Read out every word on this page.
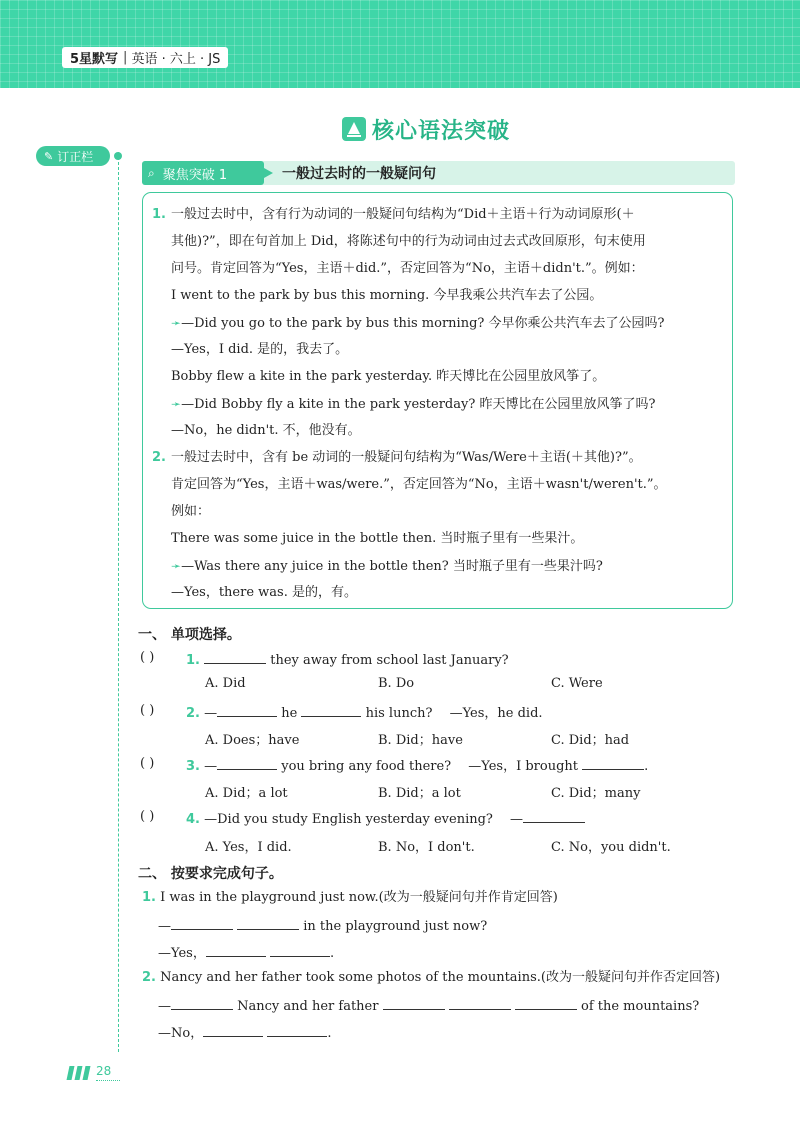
5星默写 | 英语 · 六上 · JS
核心语法突破
✎ 订正栏
⌕ 聚焦突破 1	一般过去时的一般疑问句
1. 一般过去时中，含有行为动词的一般疑问句结构为“Did＋主语＋行为动词原形(＋
其他)?”，即在句首加上 Did，将陈述句中的行为动词由过去式改回原形，句末使用
问号。肯定回答为“Yes，主语＋did.”，否定回答为“No，主语＋didn't.”。例如：
I went to the park by bus this morning. 今早我乘公共汽车去了公园。
➛ —Did you go to the park by bus this morning? 今早你乘公共汽车去了公园吗?
—Yes，I did. 是的，我去了。
Bobby flew a kite in the park yesterday. 昨天博比在公园里放风筝了。
➛ —Did Bobby fly a kite in the park yesterday? 昨天博比在公园里放风筝了吗?
—No，he didn't. 不，他没有。
2. 一般过去时中，含有 be 动词的一般疑问句结构为“Was/Were＋主语(＋其他)?”。
肯定回答为“Yes，主语＋was/were.”，否定回答为“No，主语＋wasn't/weren't.”。
例如：
There was some juice in the bottle then. 当时瓶子里有一些果汁。
➛ —Was there any juice in the bottle then? 当时瓶子里有一些果汁吗?
—Yes，there was. 是的，有。
一、 单项选择。
( ) 1.	they away from school last January?
A. Did	B. Do	C. Were
( ) 2. —	he	his lunch?　 —Yes，he did.
A. Does；have	B. Did；have	C. Did；had
( ) 3. —	you bring any food there?　 —Yes，I brought	.
A. Did；a lot	B. Did；a lot	C. Did；many
( ) 4. —Did you study English yesterday evening?　 —
A. Yes，I did.	B. No，I don't.	C. No，you didn't.
二、 按要求完成句子。
1. I was in the playground just now.(改为一般疑问句并作肯定回答)
—	in the playground just now?
—Yes，	.
2. Nancy and her father took some photos of the mountains.(改为一般疑问句并作否定回答)
—	Nancy and her father	of the mountains?
—No，	.
28
